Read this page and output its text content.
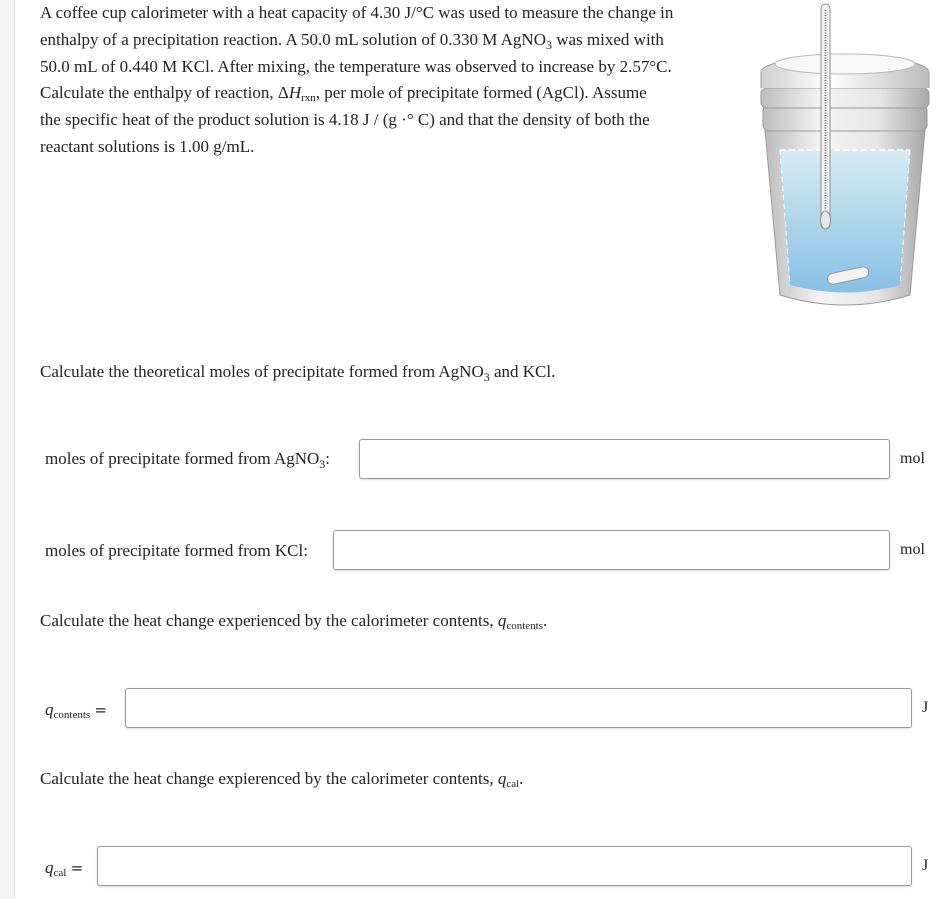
A coffee cup calorimeter with a heat capacity of 4.30 J/°C was used to measure the change in

enthalpy of a precipitation reaction. A 50.0 mL solution of 0.330 M AgNO$_3$ was mixed with

50.0 mL of 0.440 M KCl. After mixing, the temperature was observed to increase by 2.57°C.

Calculate the enthalpy of reaction, ΔHrxn, per mole of precipitate formed (AgCl). Assume

the specific heat of the product solution is 4.18 J / (g ·° C) and that the density of both the

reactant solutions is 1.00 g/mL.

Calculate the theoretical moles of precipitate formed from AgNO$_3$ and KCl.
moles of precipitate formed from AgNO$_3$:	mol
moles of precipitate formed from KCl:	mol
Calculate the heat change experienced by the calorimeter contents, qcontents.
qcontents =	J
Calculate the heat change expierenced by the calorimeter contents, qcal.
qcal =	J
